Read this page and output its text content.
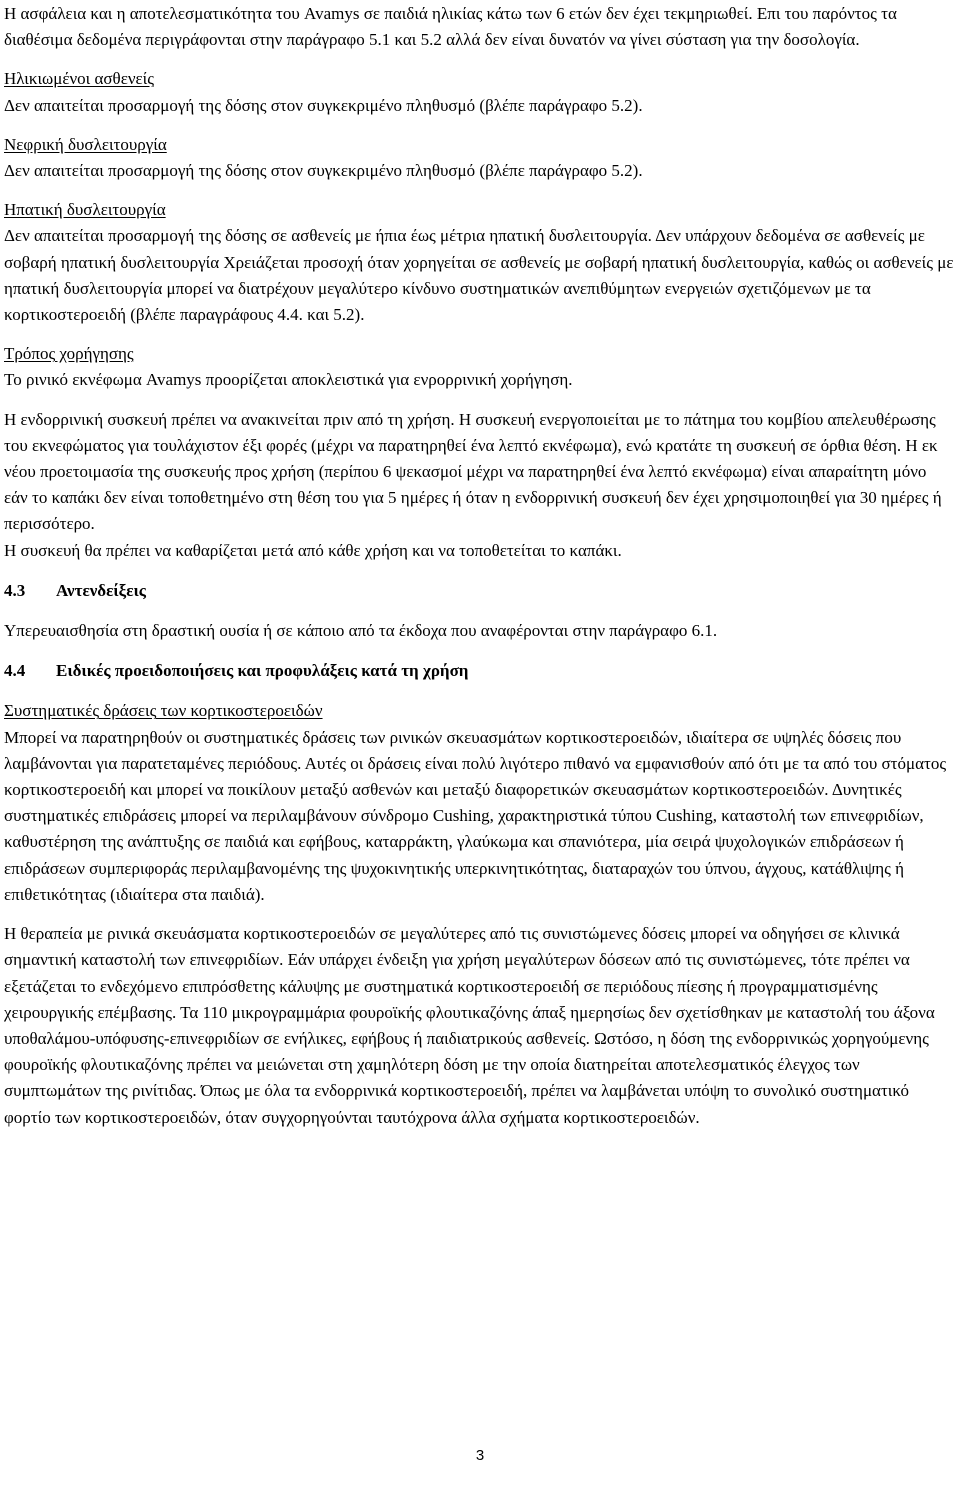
Η ασφάλεια και η αποτελεσματικότητα του Avamys σε παιδιά ηλικίας κάτω των 6 ετών δεν έχει τεκμηριωθεί. Επι του παρόντος τα διαθέσιμα δεδομένα περιγράφονται στην παράγραφο 5.1 και 5.2 αλλά δεν είναι δυνατόν να γίνει σύσταση για την δοσολογία.

Ηλικιωμένοι ασθενείς

Δεν απαιτείται προσαρμογή της δόσης στον συγκεκριμένο πληθυσμό (βλέπε παράγραφο 5.2).

Νεφρική δυσλειτουργία

Δεν απαιτείται προσαρμογή της δόσης στον συγκεκριμένο πληθυσμό (βλέπε παράγραφο 5.2).

Ηπατική δυσλειτουργία

Δεν απαιτείται προσαρμογή της δόσης σε ασθενείς με ήπια έως μέτρια ηπατική δυσλειτουργία. Δεν υπάρχουν δεδομένα σε ασθενείς με σοβαρή ηπατική δυσλειτουργία Χρειάζεται προσοχή όταν χορηγείται σε ασθενείς με σοβαρή ηπατική δυσλειτουργία, καθώς οι ασθενείς με ηπατική δυσλειτουργία μπορεί να διατρέχουν μεγαλύτερο κίνδυνο συστηματικών ανεπιθύμητων ενεργειών σχετιζόμενων με τα κορτικοστεροειδή (βλέπε παραγράφους 4.4. και 5.2).

Τρόπος χορήγησης

Το ρινικό εκνέφωμα Avamys προορίζεται αποκλειστικά για ενρορρινική χορήγηση.

Η ενδορρινική συσκευή πρέπει να ανακινείται πριν από τη χρήση. Η συσκευή ενεργοποιείται με το πάτημα του κομβίου απελευθέρωσης του εκνεφώματος για τουλάχιστον έξι φορές (μέχρι να παρατηρηθεί ένα λεπτό εκνέφωμα), ενώ κρατάτε τη συσκευή σε όρθια θέση. Η εκ νέου προετοιμασία της συσκευής προς χρήση (περίπου 6 ψεκασμοί μέχρι να παρατηρηθεί ένα λεπτό εκνέφωμα) είναι απαραίτητη μόνο εάν το καπάκι δεν είναι τοποθετημένο στη θέση του για 5 ημέρες ή όταν η ενδορρινική συσκευή δεν έχει χρησιμοποιηθεί για 30 ημέρες ή περισσότερο.

Η συσκευή θα πρέπει να καθαρίζεται μετά από κάθε χρήση και να τοποθετείται το καπάκι.

4.3 Αντενδείξεις

Υπερευαισθησία στη δραστική ουσία ή σε κάποιο από τα έκδοχα που αναφέρονται στην παράγραφο 6.1.

4.4 Ειδικές προειδοποιήσεις και προφυλάξεις κατά τη χρήση

Συστηματικές δράσεις των κορτικοστεροειδών

Μπορεί να παρατηρηθούν οι συστηματικές δράσεις των ρινικών σκευασμάτων κορτικοστεροειδών, ιδιαίτερα σε υψηλές δόσεις που λαμβάνονται για παρατεταμένες περιόδους. Αυτές οι δράσεις είναι πολύ λιγότερο πιθανό να εμφανισθούν από ότι με τα από του στόματος κορτικοστεροειδή και μπορεί να ποικίλουν μεταξύ ασθενών και μεταξύ διαφορετικών σκευασμάτων κορτικοστεροειδών. Δυνητικές συστηματικές επιδράσεις μπορεί να περιλαμβάνουν σύνδρομο Cushing, χαρακτηριστικά τύπου Cushing, καταστολή των επινεφριδίων, καθυστέρηση της ανάπτυξης σε παιδιά και εφήβους, καταρράκτη, γλαύκωμα και σπανιότερα, μία σειρά ψυχολογικών επιδράσεων ή επιδράσεων συμπεριφοράς περιλαμβανομένης της ψυχοκινητικής υπερκινητικότητας, διαταραχών του ύπνου, άγχους, κατάθλιψης ή επιθετικότητας (ιδιαίτερα στα παιδιά).

Η θεραπεία με ρινικά σκευάσματα κορτικοστεροειδών σε μεγαλύτερες από τις συνιστώμενες δόσεις μπορεί να οδηγήσει σε κλινικά σημαντική καταστολή των επινεφριδίων. Εάν υπάρχει ένδειξη για χρήση μεγαλύτερων δόσεων από τις συνιστώμενες, τότε πρέπει να εξετάζεται το ενδεχόμενο επιπρόσθετης κάλυψης με συστηματικά κορτικοστεροειδή σε περιόδους πίεσης ή προγραμματισμένης χειρουργικής επέμβασης. Τα 110 μικρογραμμάρια φουροϊκής φλουτικαζόνης άπαξ ημερησίως δεν σχετίσθηκαν με καταστολή του άξονα υποθαλάμου-υπόφυσης-επινεφριδίων σε ενήλικες, εφήβους ή παιδιατρικούς ασθενείς. Ωστόσο, η δόση της ενδορρινικώς χορηγούμενης φουροϊκής φλουτικαζόνης πρέπει να μειώνεται στη χαμηλότερη δόση με την οποία διατηρείται αποτελεσματικός έλεγχος των συμπτωμάτων της ρινίτιδας. Όπως με όλα τα ενδορρινικά κορτικοστεροειδή, πρέπει να λαμβάνεται υπόψη το συνολικό συστηματικό φορτίο των κορτικοστεροειδών, όταν συγχορηγούνται ταυτόχρονα άλλα σχήματα κορτικοστεροειδών.

3
